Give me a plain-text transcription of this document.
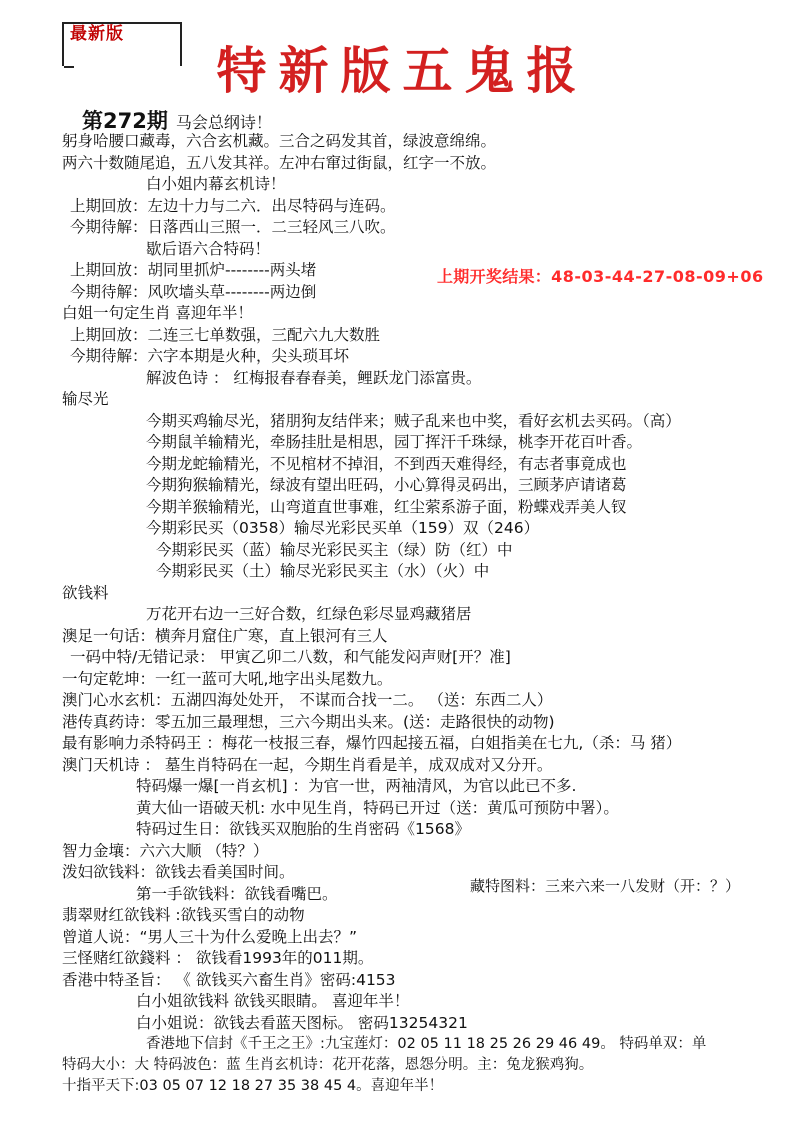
最新版
特新版五鬼报
第272期 马会总纲诗！
上期开奖结果：48-03-44-27-08-09+06
躬身哈腰口藏毒，六合玄机藏。三合之码发其首，绿波意绵绵。
两六十数随尾追，五八发其祥。左冲右窜过街鼠，红字一不放。
白小姐内幕玄机诗！
上期回放：左边十力与二六．出尽特码与连码。
今期待解：日落西山三照一．二三轻风三八吹。
歇后语六合特码！
上期回放：胡同里抓炉--------两头堵
今期待解：风吹墙头草--------两边倒
白姐一句定生肖 喜迎年半！
上期回放：二连三七单数强，三配六九大数胜
今期待解：六字本期是火种，尖头琐耳坏
解波色诗 ： 红梅报春春春美，鲤跃龙门添富贵。
输尽光
今期买鸡输尽光，猪朋狗友结伴来；贼子乱来也中奖，看好玄机去买码。（高）
今期鼠羊输精光，牵肠挂肚是相思，园丁挥汗千珠绿，桃李开花百叶香。
今期龙蛇输精光，不见棺材不掉泪，不到西天难得经，有志者事竟成也
今期狗猴输精光，绿波有望出旺码，小心算得灵码出，三顾茅庐请诸葛
今期羊猴输精光，山弯道直世事难，红尘萦系游子面，粉蝶戏弄美人钗
今期彩民买（0358）输尽光彩民买单（159）双（246）
今期彩民买（蓝）输尽光彩民买主（绿）防（红）中
今期彩民买（土）输尽光彩民买主（水）（火）中
欲钱料
万花开右边一三好合数，红绿色彩尽显鸡藏猪居
澳足一句话：横奔月窟住广寒，直上银河有三人
一码中特/无错记录： 甲寅乙卯二八数，和气能发闷声财[开？准]
一句定乾坤：一红一蓝可大吼,地字出头尾数九。
澳门心水玄机：五湖四海处处开， 不谋而合找一二。 （送：东西二人）
港传真药诗：零五加三最理想，三六今期出头来。(送：走路很快的动物)
最有影响力杀特码王 ：梅花一枝报三春，爆竹四起接五福，白姐指美在七九,（杀：马 猪）
澳门天机诗 ： 墓生肖特码在一起，今期生肖看是羊，成双成对又分开。
特码爆一爆[一肖玄机] ：为官一世，两袖清风，为官以此已不多.
黄大仙一语破天机: 水中见生肖，特码已开过（送：黄瓜可预防中署）。
特码过生日：欲钱买双胞胎的生肖密码《1568》
智力金壤：六六大顺 （特？）
泼妇欲钱料：欲钱去看美国时间。
第一手欲钱料：欲钱看嘴巴。
翡翠财红欲钱料 :欲钱买雪白的动物
曾道人说：“男人三十为什么爱晚上出去？”
三怪赌红欲錢料 ： 欲钱看1993年的011期。
香港中特圣旨： 《 欲钱买六畜生肖》密码:4153
白小姐欲钱料 欲钱买眼睛。 喜迎年半！
白小姐说：欲钱去看蓝天图标。 密码13254321
香港地下信封《千王之王》:九宝莲灯：02 05 11 18 25 26 29 46 49。 特码单双：单
特码大小：大 特码波色：蓝 生肖玄机诗：花开花落，恩怨分明。主：兔龙猴鸡狗。
十指平天下:03 05 07 12 18 27 35 38 45 4。喜迎年半！
藏特图料：三来六来一八发财（开：？）
